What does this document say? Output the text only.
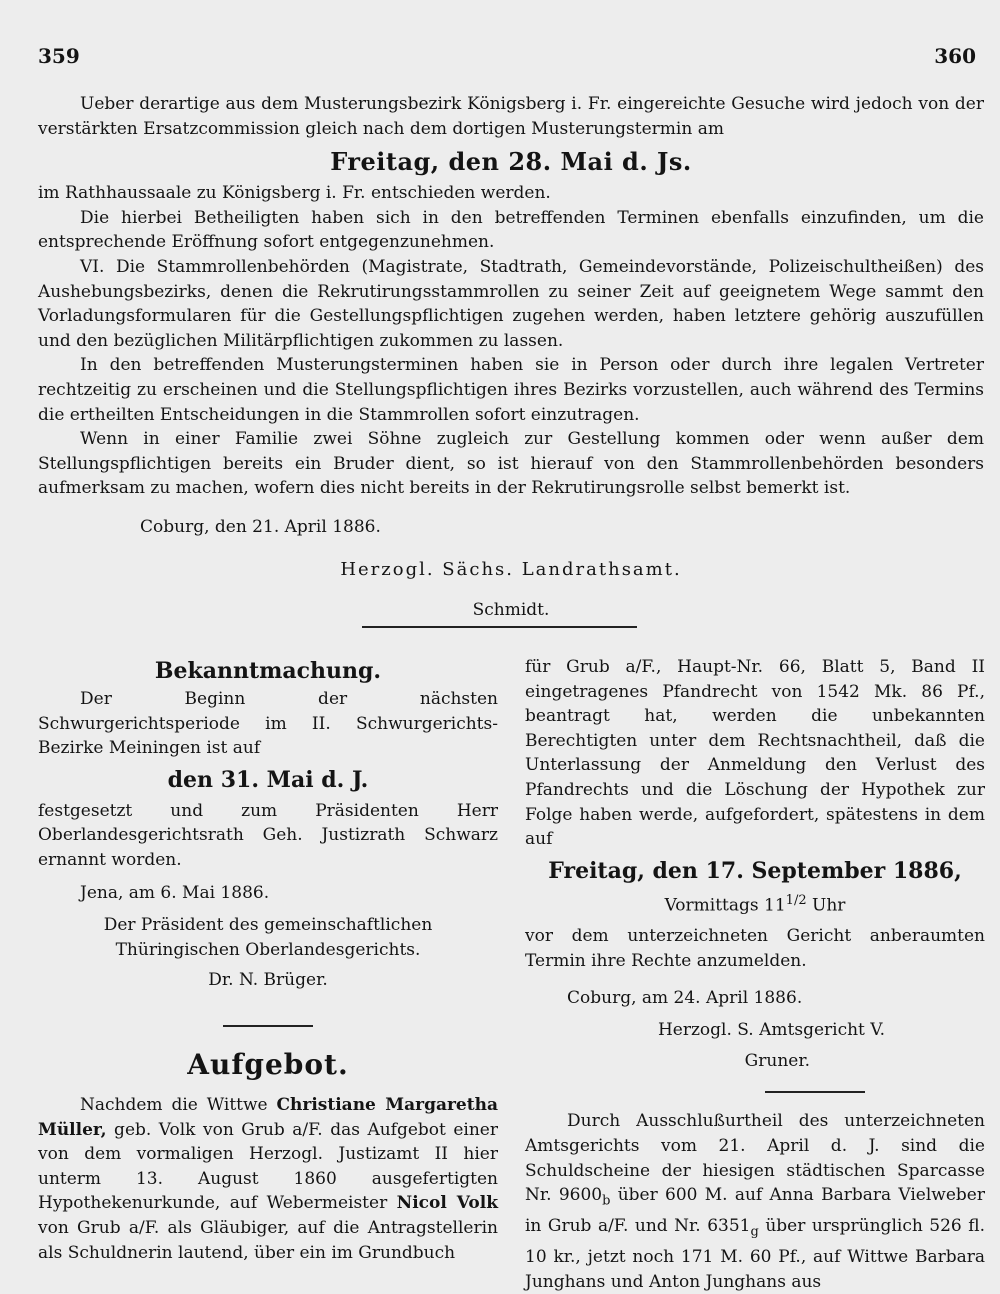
359	360

Ueber derartige aus dem Musterungsbezirk Königsberg i. Fr. eingereichte Gesuche wird jedoch von der verstärkten Ersatzcommission gleich nach dem dortigen Musterungstermin am

Freitag, den 28. Mai d. Js.

im Rathhaussaale zu Königsberg i. Fr. entschieden werden.

Die hierbei Betheiligten haben sich in den betreffenden Terminen ebenfalls einzufinden, um die entsprechende Eröffnung sofort entgegenzunehmen.

VI. Die Stammrollenbehörden (Magistrate, Stadtrath, Gemeindevorstände, Polizeischultheißen) des Aushebungsbezirks, denen die Rekrutirungsstammrollen zu seiner Zeit auf geeignetem Wege sammt den Vorladungsformularen für die Gestellungspflichtigen zugehen werden, haben letztere gehörig auszufüllen und den bezüglichen Militärpflichtigen zukommen zu lassen.

In den betreffenden Musterungsterminen haben sie in Person oder durch ihre legalen Vertreter rechtzeitig zu erscheinen und die Stellungspflichtigen ihres Bezirks vorzustellen, auch während des Termins die ertheilten Entscheidungen in die Stammrollen sofort einzutragen.

Wenn in einer Familie zwei Söhne zugleich zur Gestellung kommen oder wenn außer dem Stellungspflichtigen bereits ein Bruder dient, so ist hierauf von den Stammrollenbehörden besonders aufmerksam zu machen, wofern dies nicht bereits in der Rekrutirungsrolle selbst bemerkt ist.

Coburg, den 21. April 1886.

Herzogl. Sächs. Landrathsamt.

Schmidt.

Bekanntmachung.

Der Beginn der nächsten Schwurgerichtsperiode im II. Schwurgerichts-Bezirke Meiningen ist auf

den 31. Mai d. J.

festgesetzt und zum Präsidenten Herr Oberlandesgerichtsrath Geh. Justizrath Schwarz ernannt worden.

Jena, am 6. Mai 1886.

Der Präsident des gemeinschaftlichen

Thüringischen Oberlandesgerichts.

Dr. N. Brüger.

Aufgebot.

Nachdem die Wittwe Christiane Margaretha Müller, geb. Volk von Grub a/F. das Aufgebot einer von dem vormaligen Herzogl. Justizamt II hier unterm 13. August 1860 ausgefertigten Hypothekenurkunde, auf Webermeister Nicol Volk von Grub a/F. als Gläubiger, auf die Antragstellerin als Schuldnerin lautend, über ein im Grundbuch

für Grub a/F., Haupt-Nr. 66, Blatt 5, Band II eingetragenes Pfandrecht von 1542 Mk. 86 Pf., beantragt hat, werden die unbekannten Berechtigten unter dem Rechtsnachtheil, daß die Unterlassung der Anmeldung den Verlust des Pfandrechts und die Löschung der Hypothek zur Folge haben werde, aufgefordert, spätestens in dem auf

Freitag, den 17. September 1886,

Vormittags $11^{1/2}$ Uhr

vor dem unterzeichneten Gericht anberaumten Termin ihre Rechte anzumelden.

Coburg, am 24. April 1886.

Herzogl. S. Amtsgericht V.

Gruner.

Durch Ausschlußurtheil des unterzeichneten Amtsgerichts vom 21. April d. J. sind die Schuldscheine der hiesigen städtischen Sparcasse Nr. $9600_b$ über 600 M. auf Anna Barbara Vielweber in Grub a/F. und Nr. $6351_g$ über ursprünglich 526 fl. 10 kr., jetzt noch 171 M. 60 Pf., auf Wittwe Barbara Junghans und Anton Junghans aus
